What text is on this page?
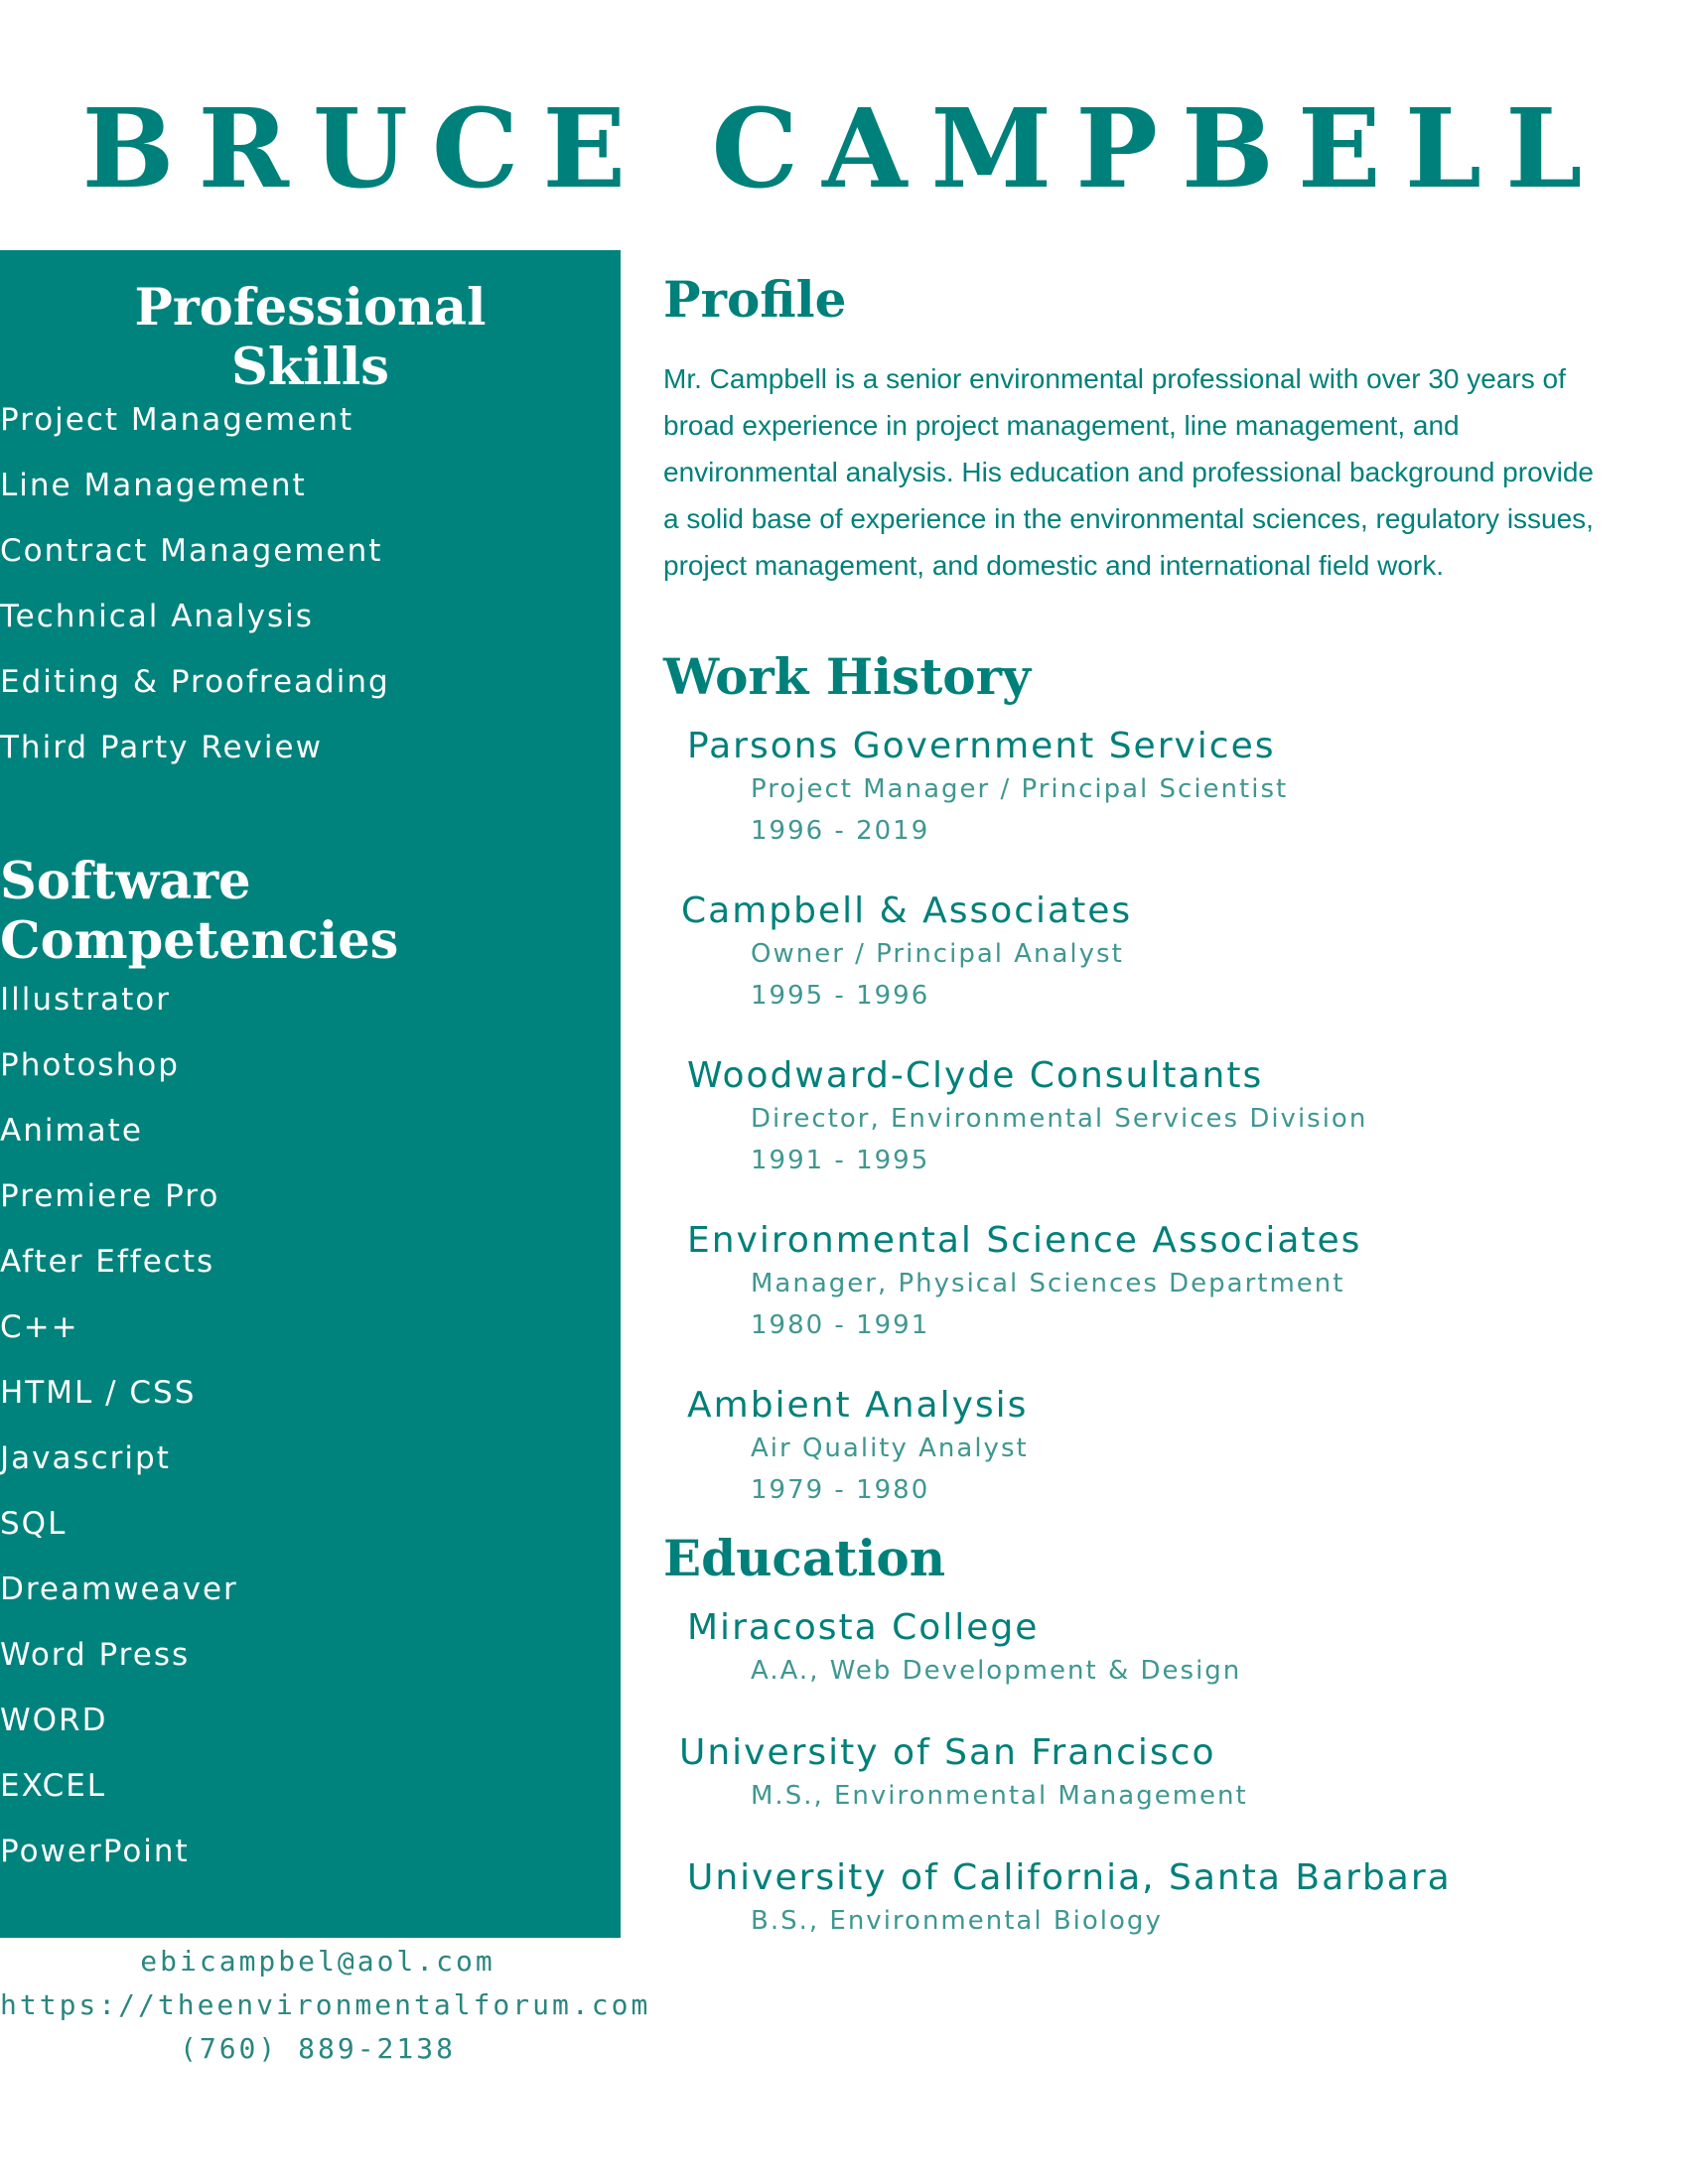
BRUCE CAMPBELL
Professional
Skills
Project Management
Line Management
Contract Management
Technical Analysis
Editing & Proofreading
Third Party Review
Software
Competencies
Illustrator
Photoshop
Animate
Premiere Pro
After Effects
C++
HTML / CSS
Javascript
SQL
Dreamweaver
Word Press
WORD
EXCEL
PowerPoint
ebicampbel@aol.com
https://theenvironmentalforum.com
(760) 889-2138
Profile

Mr. Campbell is a senior environmental professional with over 30 years of broad experience in project management, line management, and environmental analysis. His education and professional background provide a solid base of experience in the environmental sciences, regulatory issues, project management, and domestic and international field work.

Work History
Parsons Government Services
Project Manager / Principal Scientist
1996 - 2019
Campbell & Associates
Owner / Principal Analyst
1995 - 1996
Woodward-Clyde Consultants
Director, Environmental Services Division
1991 - 1995
Environmental Science Associates
Manager, Physical Sciences Department
1980 - 1991
Ambient Analysis
Air Quality Analyst
1979 - 1980
Education
Miracosta College
A.A., Web Development & Design
University of San Francisco
M.S., Environmental Management
University of California, Santa Barbara
B.S., Environmental Biology
